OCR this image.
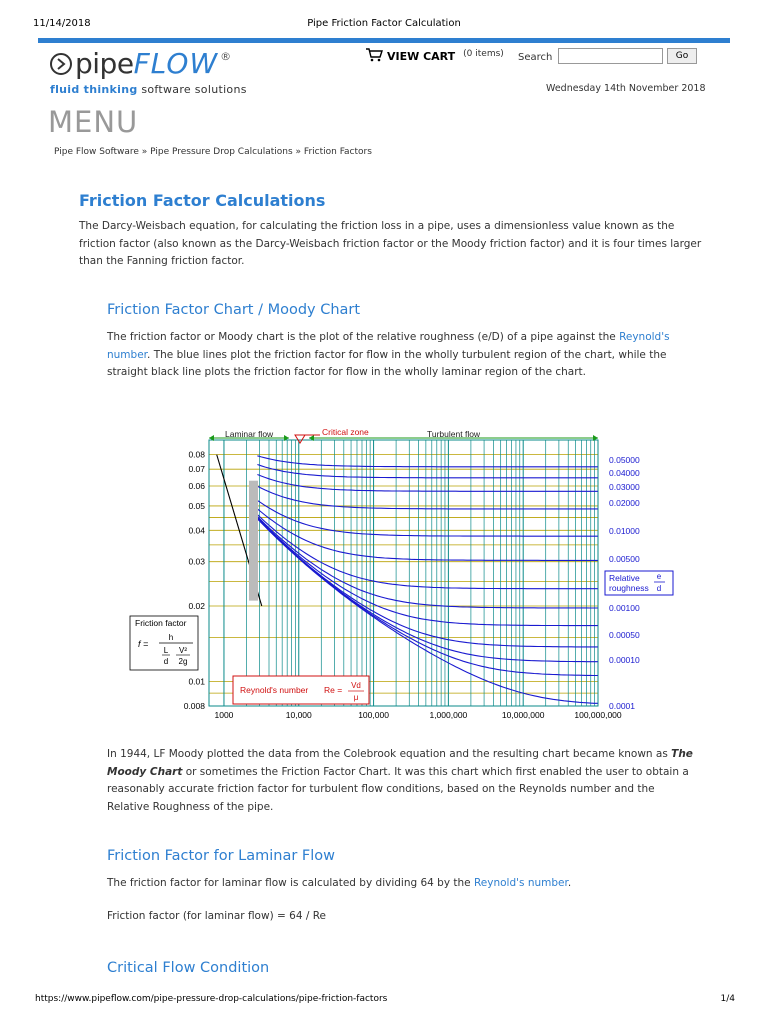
11/14/2018	Pipe Friction Factor Calculation
pipe FLOW ®
fluid thinking software solutions
VIEW CART (0 items) Search	Go
Wednesday 14th November 2018
MENU
Pipe Flow Software » Pipe Pressure Drop Calculations » Friction Factors
Friction Factor Calculations

The Darcy-Weisbach equation, for calculating the friction loss in a pipe, uses a dimensionless value known as the friction factor (also known as the Darcy-Weisbach friction factor or the Moody friction factor) and it is four times larger than the Fanning friction factor.

Friction Factor Chart / Moody Chart

The friction factor or Moody chart is the plot of the relative roughness (e/D) of a pipe against the Reynold's number. The blue lines plot the friction factor for flow in the wholly turbulent region of the chart, while the straight black line plots the friction factor for flow in the wholly laminar region of the chart.

Laminar flow	Critical zone	Turbulent flow
0.08
0.07
0.06
0.05
0.04
0.03
0.02
0.01
0.008
1000	10,000	100,000	1,000,000	10,000,000	100,000,000
0.05000
0.04000
0.03000
0.02000
0.01000
0.00500
0.00100
0.00050
0.00010
0.0001
Relative
roughness
e
d
Friction factor
f =
h
L
d
V²
2g
Reynold's number Re = Vd
μ

In 1944, LF Moody plotted the data from the Colebrook equation and the resulting chart became known as The Moody Chart or sometimes the Friction Factor Chart. It was this chart which first enabled the user to obtain a reasonably accurate friction factor for turbulent flow conditions, based on the Reynolds number and the Relative Roughness of the pipe.

Friction Factor for Laminar Flow

The friction factor for laminar flow is calculated by dividing 64 by the Reynold's number.

Friction factor (for laminar flow) = 64 / Re

Critical Flow Condition
https://www.pipeflow.com/pipe-pressure-drop-calculations/pipe-friction-factors	1/4
